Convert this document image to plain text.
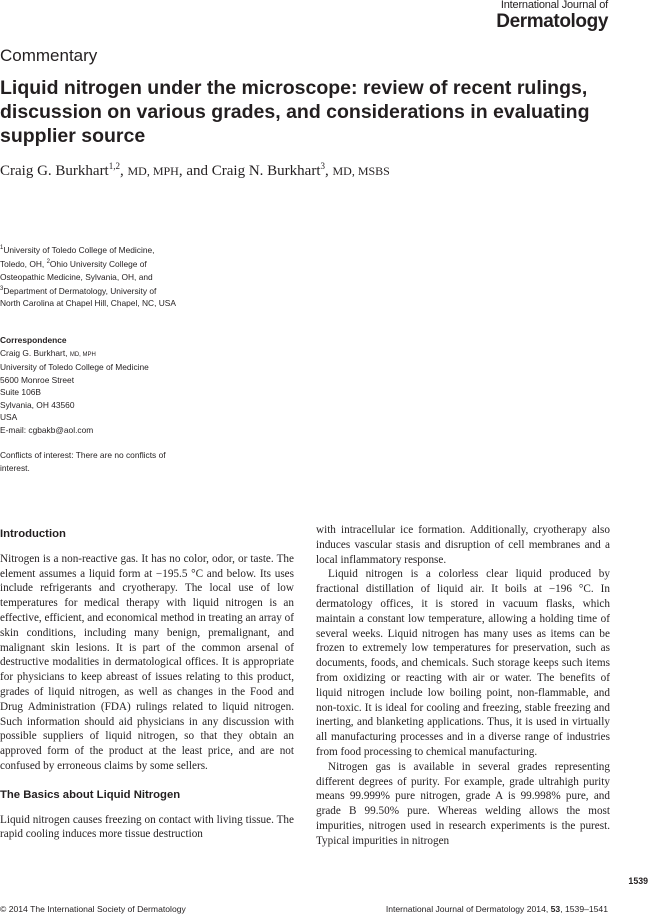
International Journal of
Dermatology
Commentary
Liquid nitrogen under the microscope: review of recent rulings, discussion on various grades, and considerations in evaluating supplier source
Craig G. Burkhart$^{1,2}$, MD, MPH, and Craig N. Burkhart$^3$, MD, MSBS
$^1$University of Toledo College of Medicine, Toledo, OH, $^2$Ohio University College of Osteopathic Medicine, Sylvania, OH, and $^3$Department of Dermatology, University of North Carolina at Chapel Hill, Chapel, NC, USA
Correspondence
Craig G. Burkhart, MD, MPH
University of Toledo College of Medicine
5600 Monroe Street
Suite 106B
Sylvania, OH 43560
USA
E-mail: cgbakb@aol.com
Conflicts of interest: There are no conflicts of interest.
Introduction

Nitrogen is a non-reactive gas. It has no color, odor, or taste. The element assumes a liquid form at −195.5 °C and below. Its uses include refrigerants and cryotherapy. The local use of low temperatures for medical therapy with liquid nitrogen is an effective, efficient, and economical method in treating an array of skin conditions, including many benign, premalignant, and malignant skin lesions. It is part of the common arsenal of destructive modalities in dermatological offices. It is appropriate for physicians to keep abreast of issues relating to this product, grades of liquid nitrogen, as well as changes in the Food and Drug Administration (FDA) rulings related to liquid nitrogen. Such information should aid physicians in any discussion with possible suppliers of liquid nitrogen, so that they obtain an approved form of the product at the least price, and are not confused by erroneous claims by some sellers.

The Basics about Liquid Nitrogen

Liquid nitrogen causes freezing on contact with living tissue. The rapid cooling induces more tissue destruction

with intracellular ice formation. Additionally, cryotherapy also induces vascular stasis and disruption of cell membranes and a local inflammatory response.

Liquid nitrogen is a colorless clear liquid produced by fractional distillation of liquid air. It boils at −196 °C. In dermatology offices, it is stored in vacuum flasks, which maintain a constant low temperature, allowing a holding time of several weeks. Liquid nitrogen has many uses as items can be frozen to extremely low temperatures for preservation, such as documents, foods, and chemicals. Such storage keeps such items from oxidizing or reacting with air or water. The benefits of liquid nitrogen include low boiling point, non-flammable, and non-toxic. It is ideal for cooling and freezing, stable freezing and inerting, and blanketing applications. Thus, it is used in virtually all manufacturing processes and in a diverse range of industries from food processing to chemical manufacturing.

Nitrogen gas is available in several grades representing different degrees of purity. For example, grade ultrahigh purity means 99.999% pure nitrogen, grade A is 99.998% pure, and grade B 99.50% pure. Whereas welding allows the most impurities, nitrogen used in research experiments is the purest. Typical impurities in nitrogen

1539
© 2014 The International Society of Dermatology	International Journal of Dermatology 2014, 53, 1539–1541
